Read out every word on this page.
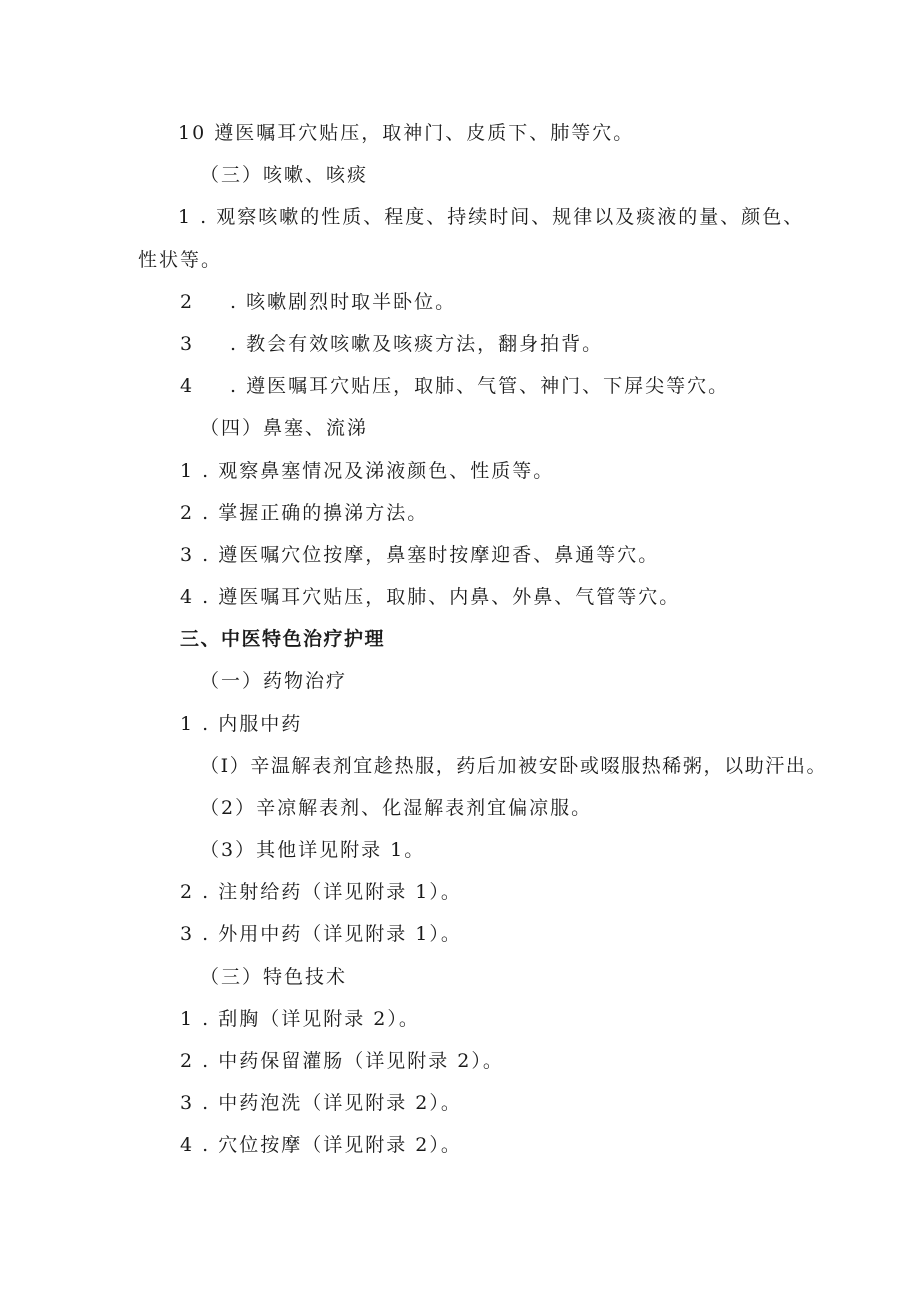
10 遵医嘱耳穴贴压，取神门、皮质下、肺等穴。
（三）咳嗽、咳痰
1 . 观察咳嗽的性质、程度、持续时间、规律以及痰液的量、颜色、
性状等。
2 . 咳嗽剧烈时取半卧位。
3 . 教会有效咳嗽及咳痰方法，翻身拍背。
4 . 遵医嘱耳穴贴压，取肺、气管、神门、下屏尖等穴。
（四）鼻塞、流涕
1 . 观察鼻塞情况及涕液颜色、性质等。
2 . 掌握正确的擤涕方法。
3 . 遵医嘱穴位按摩，鼻塞时按摩迎香、鼻通等穴。
4 . 遵医嘱耳穴贴压，取肺、内鼻、外鼻、气管等穴。
三、中医特色治疗护理
（一）药物治疗
1 . 内服中药
（I）辛温解表剂宜趁热服，药后加被安卧或啜服热稀粥，以助汗出。
（2）辛凉解表剂、化湿解表剂宜偏凉服。
（3）其他详见附录 1。
2 . 注射给药（详见附录 1）。
3 . 外用中药（详见附录 1）。
（三）特色技术
1 . 刮胸（详见附录 2）。
2 . 中药保留灌肠（详见附录 2）。
3 . 中药泡洗（详见附录 2）。
4 . 穴位按摩（详见附录 2）。
